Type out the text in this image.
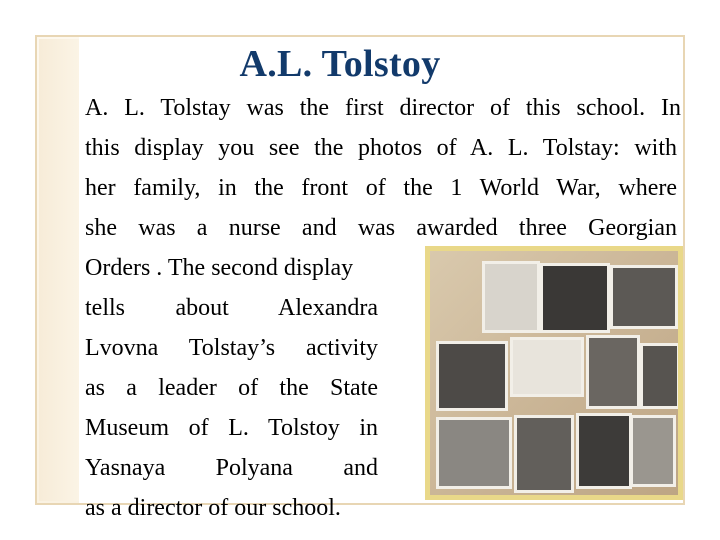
A.L. Tolstoy
A. L. Tolstay was the first director of this school. In
this display you see the photos of A. L. Tolstay: with
her family, in the front of the 1 World War, where
she was a nurse and was awarded three Georgian
Orders . The second display
tells about Alexandra
Lvovna Tolstay’s activity
as a leader of the State
Museum of L. Tolstoy in
Yasnaya Polyana and
as a director of our school.
